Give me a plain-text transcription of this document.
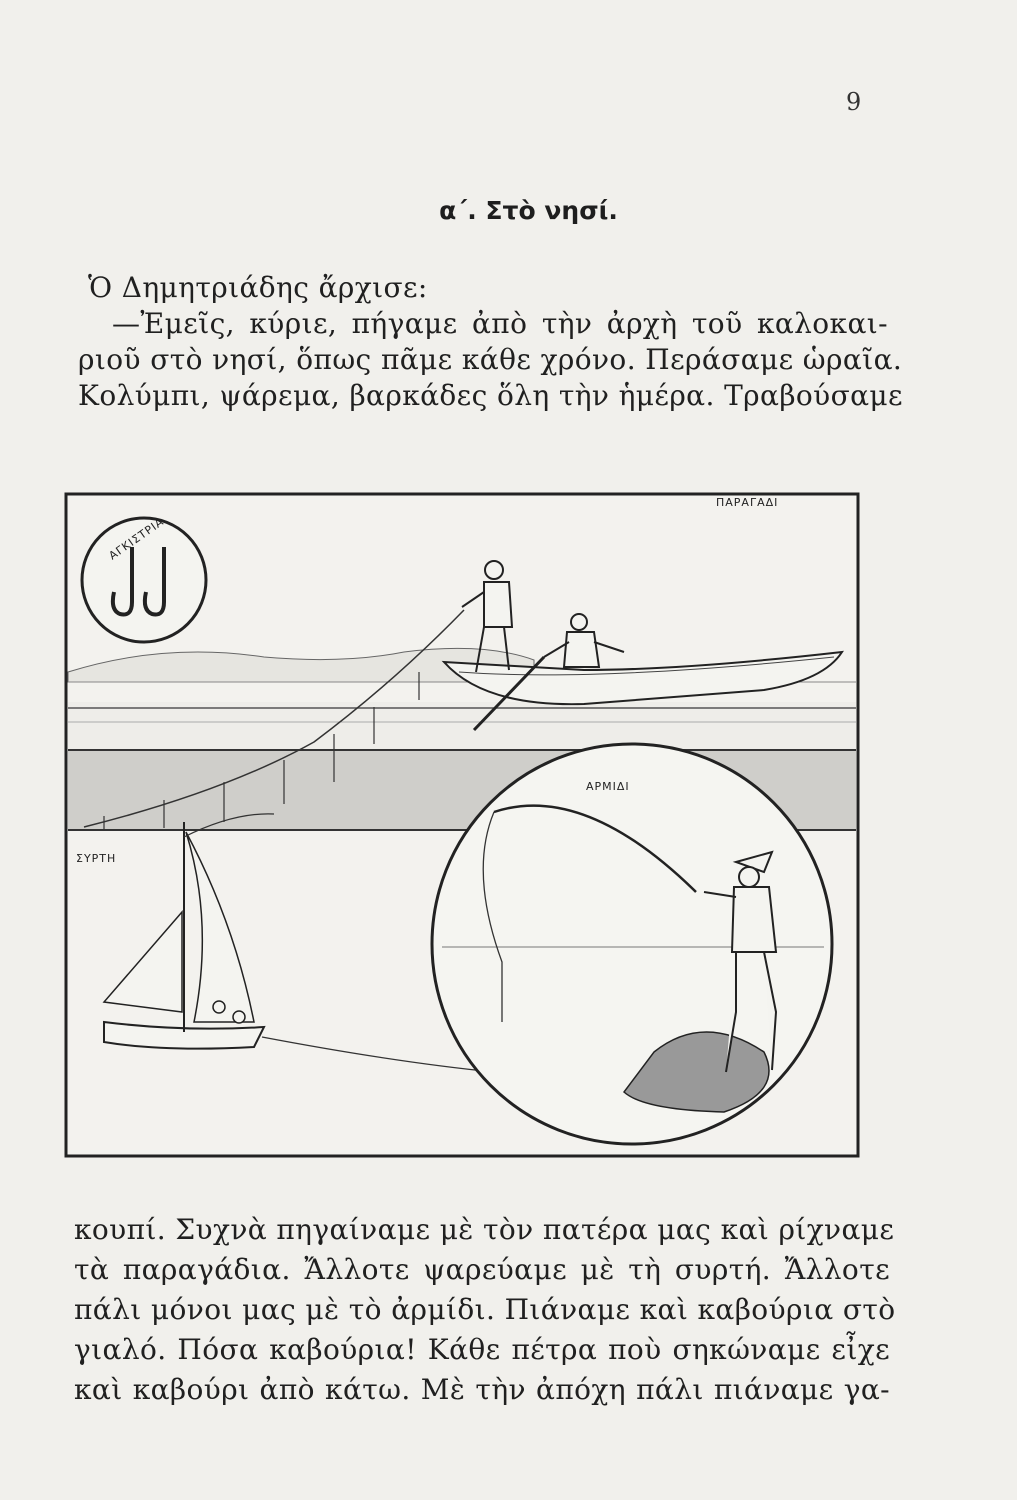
9
α΄. Στὸ νησί.
Ὁ Δημητριάδης ἄρχισε:
—Ἐμεῖς, κύριε, πήγαμε ἀπὸ τὴν ἀρχὴ τοῦ καλοκαι-
ριοῦ στὸ νησί, ὅπως πᾶμε κάθε χρόνο. Περάσαμε ὡραῖα.
Κολύμπι, ψάρεμα, βαρκάδες ὅλη τὴν ἡμέρα. Τραβούσαμε
ΑΓΚΙΣΤΡΙΑ
ΠΑΡΑΓΑΔΙ
ΣΥΡΤΗ
ΑΡΜΙΔΙ
κουπί. Συχνὰ πηγαίναμε μὲ τὸν πατέρα μας καὶ ρίχναμε
τὰ παραγάδια. Ἄλλοτε ψαρεύαμε μὲ τὴ συρτή. Ἄλλοτε
πάλι μόνοι μας μὲ τὸ ἀρμίδι. Πιάναμε καὶ καβούρια στὸ
γιαλό. Πόσα καβούρια! Κάθε πέτρα ποὺ σηκώναμε εἶχε
καὶ καβούρι ἀπὸ κάτω. Μὲ τὴν ἀπόχη πάλι πιάναμε γα-
